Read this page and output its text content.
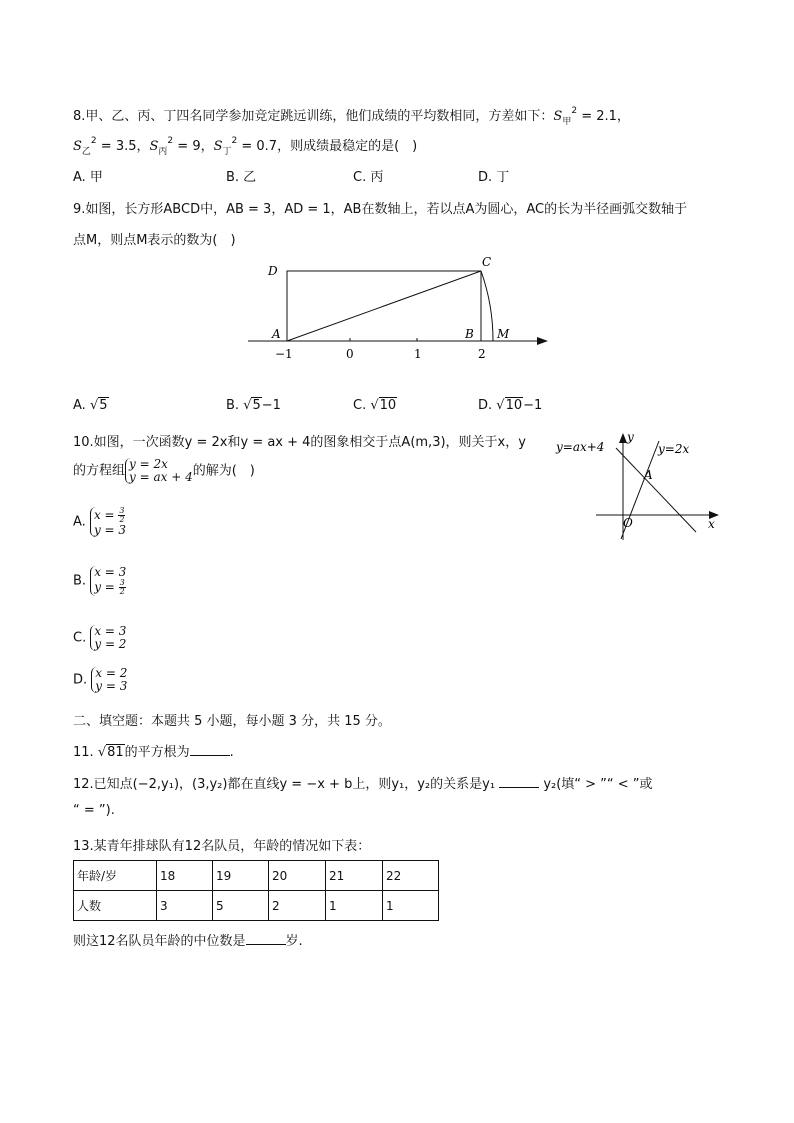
8.甲、乙、丙、丁四名同学参加竞定跳远训练，他们成绩的平均数相同，方差如下：$S_甲^2 = 2.1$，
$S_乙^2 = 3.5$，$S_丙^2 = 9$，$S_丁^2 = 0.7$，则成绩最稳定的是(　)
A. 甲	B. 乙	C. 丙	D. 丁
9.如图，长方形ABCD中，AB = 3，AD = 1，AB在数轴上，若以点A为圆心，AC的长为半径画弧交数轴于
点M，则点M表示的数为(　)
D
C
A	B M
−1	0	1	2
A. √5	B. √5−1	C. √10	D. √10−1
10.如图，一次函数y = 2x和y = ax + 4的图象相交于点A(m,3)，则关于x，y
的方程组 y = 2x
y = ax + 4的解为(　)
y=ax+4	y=2x
y
A
O	x
A. $x = \frac{3}{2}$

y = 3
B. x = 3
$y = \frac{3}{2}$
C. x = 3
y = 2
D. x = 2
y = 3
二、填空题：本题共 5 小题，每小题 3 分，共 15 分。
11. √81的平方根为	.
12.已知点(−2,y₁)，(3,y₂)都在直线y = −x + b上，则y₁，y₂的关系是y₁	y₂(填“ > ”“ < ”或
“ = ”).
13.某青年排球队有12名队员，年龄的情况如下表：
年龄/岁	18	19	20	21	22
人数	3	5	2	1	1
则这12名队员年龄的中位数是	岁.
